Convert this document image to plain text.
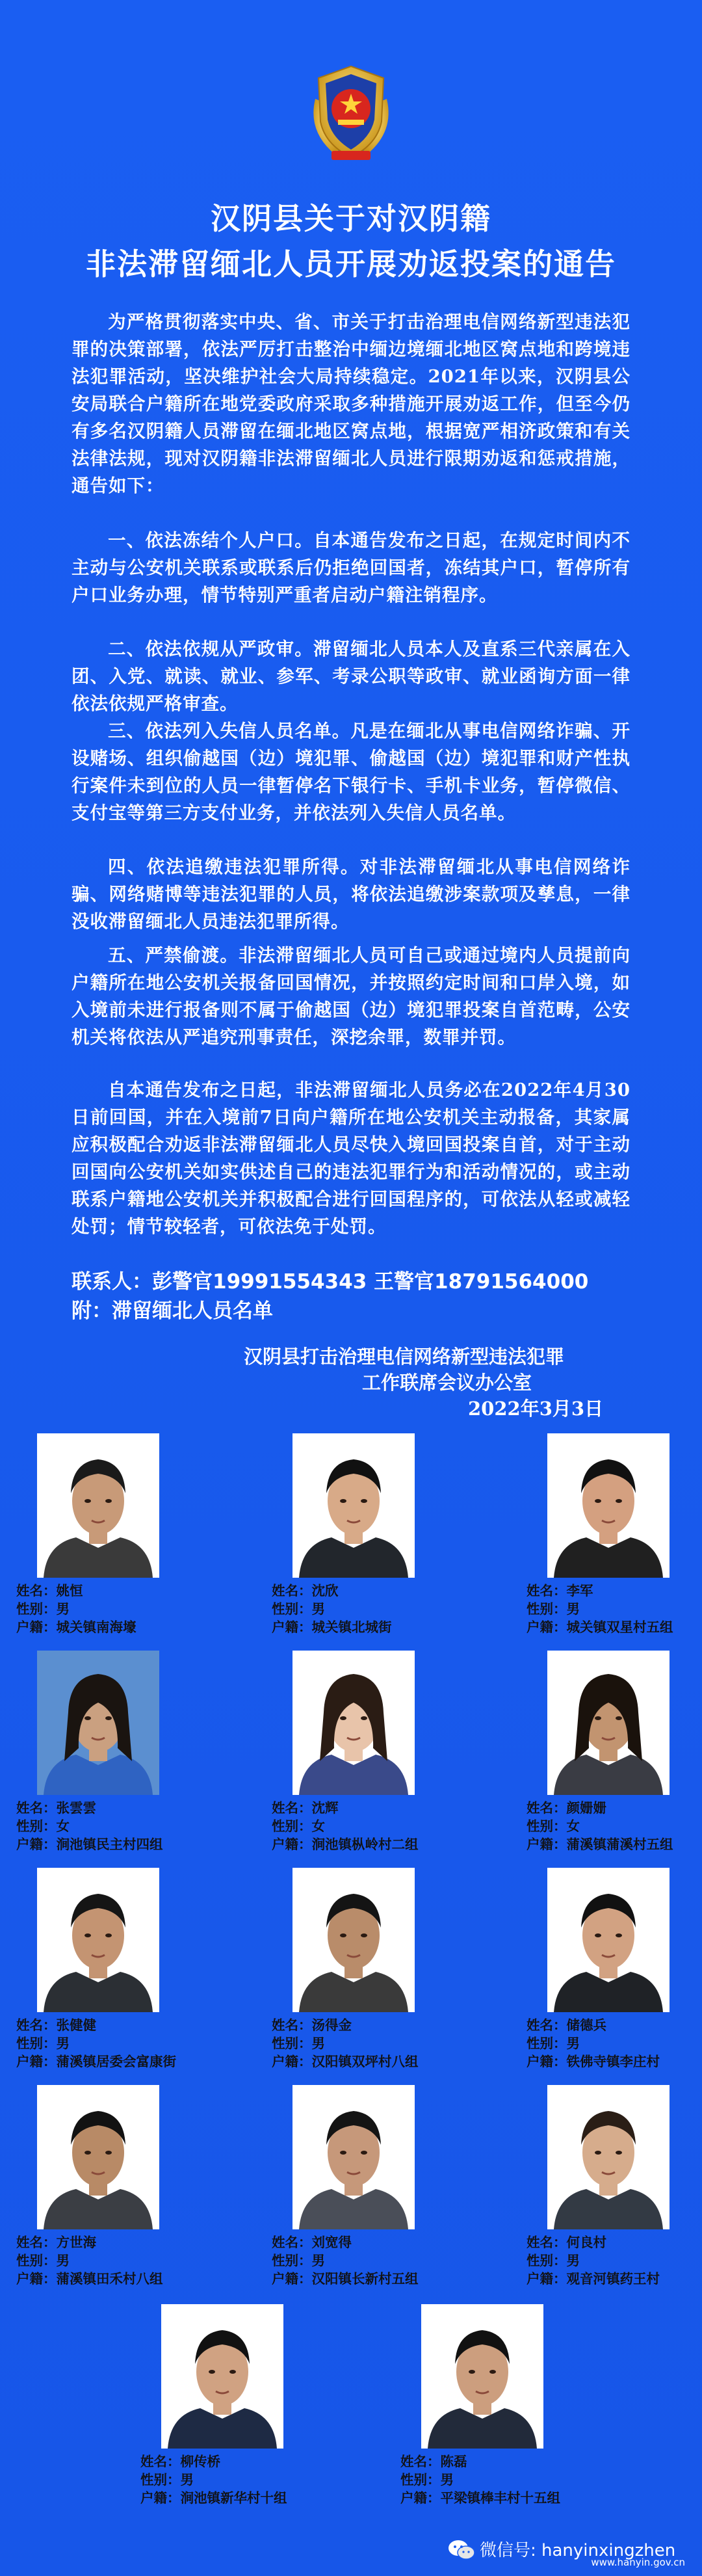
汉阴县关于对汉阴籍
非法滞留缅北人员开展劝返投案的通告

为严格贯彻落实中央、省、市关于打击治理电信网络新型违法犯罪的决策部署，依法严厉打击整治中缅边境缅北地区窝点地和跨境违法犯罪活动，坚决维护社会大局持续稳定。2021年以来，汉阴县公安局联合户籍所在地党委政府采取多种措施开展劝返工作，但至今仍有多名汉阴籍人员滞留在缅北地区窝点地，根据宽严相济政策和有关法律法规，现对汉阴籍非法滞留缅北人员进行限期劝返和惩戒措施，通告如下：

一、依法冻结个人户口。自本通告发布之日起，在规定时间内不主动与公安机关联系或联系后仍拒绝回国者，冻结其户口，暂停所有户口业务办理，情节特别严重者启动户籍注销程序。

二、依法依规从严政审。滞留缅北人员本人及直系三代亲属在入团、入党、就读、就业、参军、考录公职等政审、就业函询方面一律依法依规严格审查。

三、依法列入失信人员名单。凡是在缅北从事电信网络诈骗、开设赌场、组织偷越国（边）境犯罪、偷越国（边）境犯罪和财产性执行案件未到位的人员一律暂停名下银行卡、手机卡业务，暂停微信、支付宝等第三方支付业务，并依法列入失信人员名单。

四、依法追缴违法犯罪所得。对非法滞留缅北从事电信网络诈骗、网络赌博等违法犯罪的人员，将依法追缴涉案款项及孳息，一律没收滞留缅北人员违法犯罪所得。

五、严禁偷渡。非法滞留缅北人员可自己或通过境内人员提前向户籍所在地公安机关报备回国情况，并按照约定时间和口岸入境，如入境前未进行报备则不属于偷越国（边）境犯罪投案自首范畴，公安机关将依法从严追究刑事责任，深挖余罪，数罪并罚。

自本通告发布之日起，非法滞留缅北人员务必在2022年4月30日前回国，并在入境前7日向户籍所在地公安机关主动报备，其家属应积极配合劝返非法滞留缅北人员尽快入境回国投案自首，对于主动回国向公安机关如实供述自己的违法犯罪行为和活动情况的，或主动联系户籍地公安机关并积极配合进行回国程序的，可依法从轻或减轻处罚；情节较轻者，可依法免于处罚。

联系人：彭警官19991554343 王警官18791564000
附：滞留缅北人员名单
汉阴县打击治理电信网络新型违法犯罪
工作联席会议办公室
2022年3月3日
姓名：姚恒
性别：男
户籍：城关镇南海壕
姓名：沈欣
性别：男
户籍：城关镇北城街
姓名：李军
性别：男
户籍：城关镇双星村五组
姓名：张雲雲
性别：女
户籍：涧池镇民主村四组
姓名：沈辉
性别：女
户籍：涧池镇枞岭村二组
姓名：颜姗姗
性别：女
户籍：蒲溪镇蒲溪村五组
姓名：张健健
性别：男
户籍：蒲溪镇居委会富康街
姓名：汤得金
性别：男
户籍：汉阳镇双坪村八组
姓名：储德兵
性别：男
户籍：铁佛寺镇李庄村
姓名：方世海
性别：男
户籍：蒲溪镇田禾村八组
姓名：刘宽得
性别：男
户籍：汉阳镇长新村五组
姓名：何良村
性别：男
户籍：观音河镇药王村
姓名：柳传桥
性别：男
户籍：涧池镇新华村十组
姓名：陈磊
性别：男
户籍：平梁镇棒丰村十五组
微信号: hanyinxingzhen
www.hanyin.gov.cn
